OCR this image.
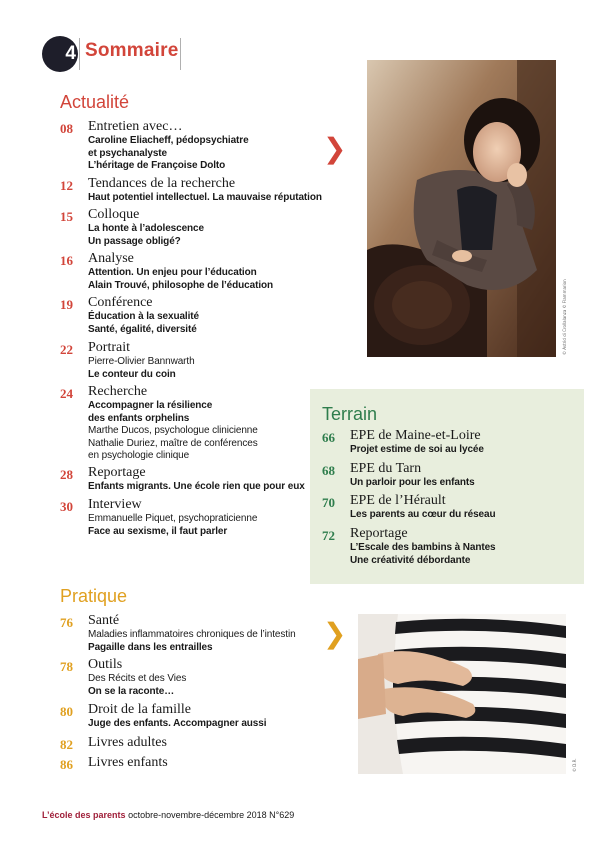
4 Sommaire
Actualité
Terrain
Pratique
08 Entretien avec…
Caroline Eliacheff, pédopsychiatre
et psychanalyste
L’héritage de Françoise Dolto
12 Tendances de la recherche
Haut potentiel intellectuel. La mauvaise réputation
15 Colloque
La honte à l’adolescence
Un passage obligé?
16 Analyse
Attention. Un enjeu pour l’éducation
Alain Trouvé, philosophe de l’éducation
19 Conférence
Éducation à la sexualité
Santé, égalité, diversité
22 Portrait
Pierre-Olivier Bannwarth
Le conteur du coin
24 Recherche
Accompagner la résilience
des enfants orphelins
Marthe Ducos, psychologue clinicienne
Nathalie Duriez, maître de conférences
en psychologie clinique
28 Reportage
Enfants migrants. Une école rien que pour eux
30 Interview
Emmanuelle Piquet, psychopraticienne
Face au sexisme, il faut parler
66 EPE de Maine-et-Loire
Projet estime de soi au lycée
68 EPE du Tarn
Un parloir pour les enfants
70 EPE de l’Hérault
Les parents au cœur du réseau
72 Reportage
L’Escale des bambins à Nantes
Une créativité débordante
76 Santé
Maladies inflammatoires chroniques de l’intestin
Pagaille dans les entrailles
78 Outils
Des Récits et des Vies
On se la raconte…
80 Droit de la famille
Juge des enfants. Accompagner aussi
82 Livres adultes
86 Livres enfants
❯
❯
© Astrid di Crollalanza © Flammarion
© D.R.
L’école des parents octobre-novembre-décembre 2018 N°629
